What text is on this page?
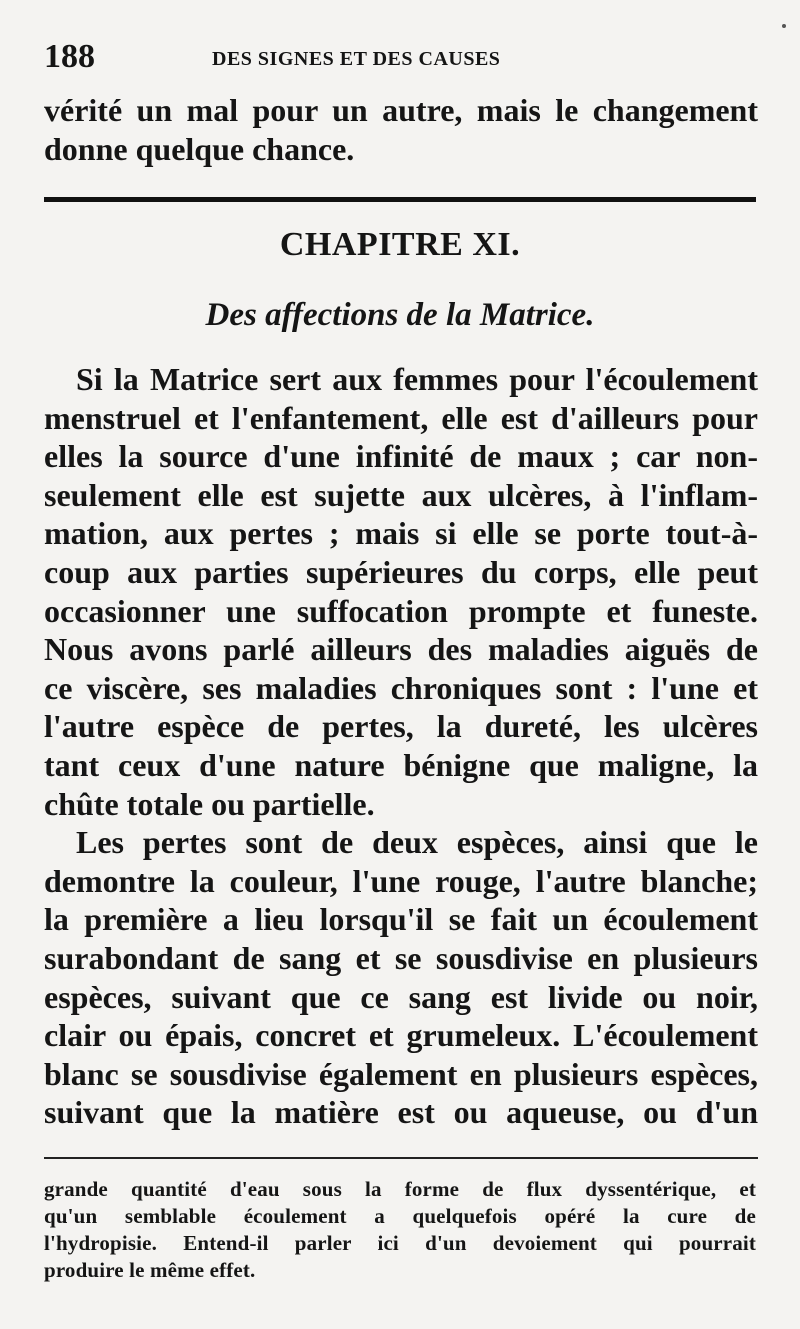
188	DES SIGNES ET DES CAUSES
vérité un mal pour un autre, mais le changement
donne quelque chance.
CHAPITRE XI.
Des affections de la Matrice.
Si la Matrice sert aux femmes pour l'écoulement
menstruel et l'enfantement, elle est d'ailleurs pour
elles la source d'une infinité de maux ; car non-
seulement elle est sujette aux ulcères, à l'inflam-
mation, aux pertes ; mais si elle se porte tout-à-
coup aux parties supérieures du corps, elle peut
occasionner une suffocation prompte et funeste.
Nous avons parlé ailleurs des maladies aiguës de
ce viscère, ses maladies chroniques sont : l'une et
l'autre espèce de pertes, la dureté, les ulcères
tant ceux d'une nature bénigne que maligne, la
chûte totale ou partielle.
Les pertes sont de deux espèces, ainsi que le
demontre la couleur, l'une rouge, l'autre blanche;
la première a lieu lorsqu'il se fait un écoulement
surabondant de sang et se sousdivise en plusieurs
espèces, suivant que ce sang est livide ou noir,
clair ou épais, concret et grumeleux. L'écoulement
blanc se sousdivise également en plusieurs espèces,
suivant que la matière est ou aqueuse, ou d'un
grande quantité d'eau sous la forme de flux dyssentérique, et
qu'un semblable écoulement a quelquefois opéré la cure de
l'hydropisie. Entend-il parler ici d'un devoiement qui pourrait
produire le même effet.
